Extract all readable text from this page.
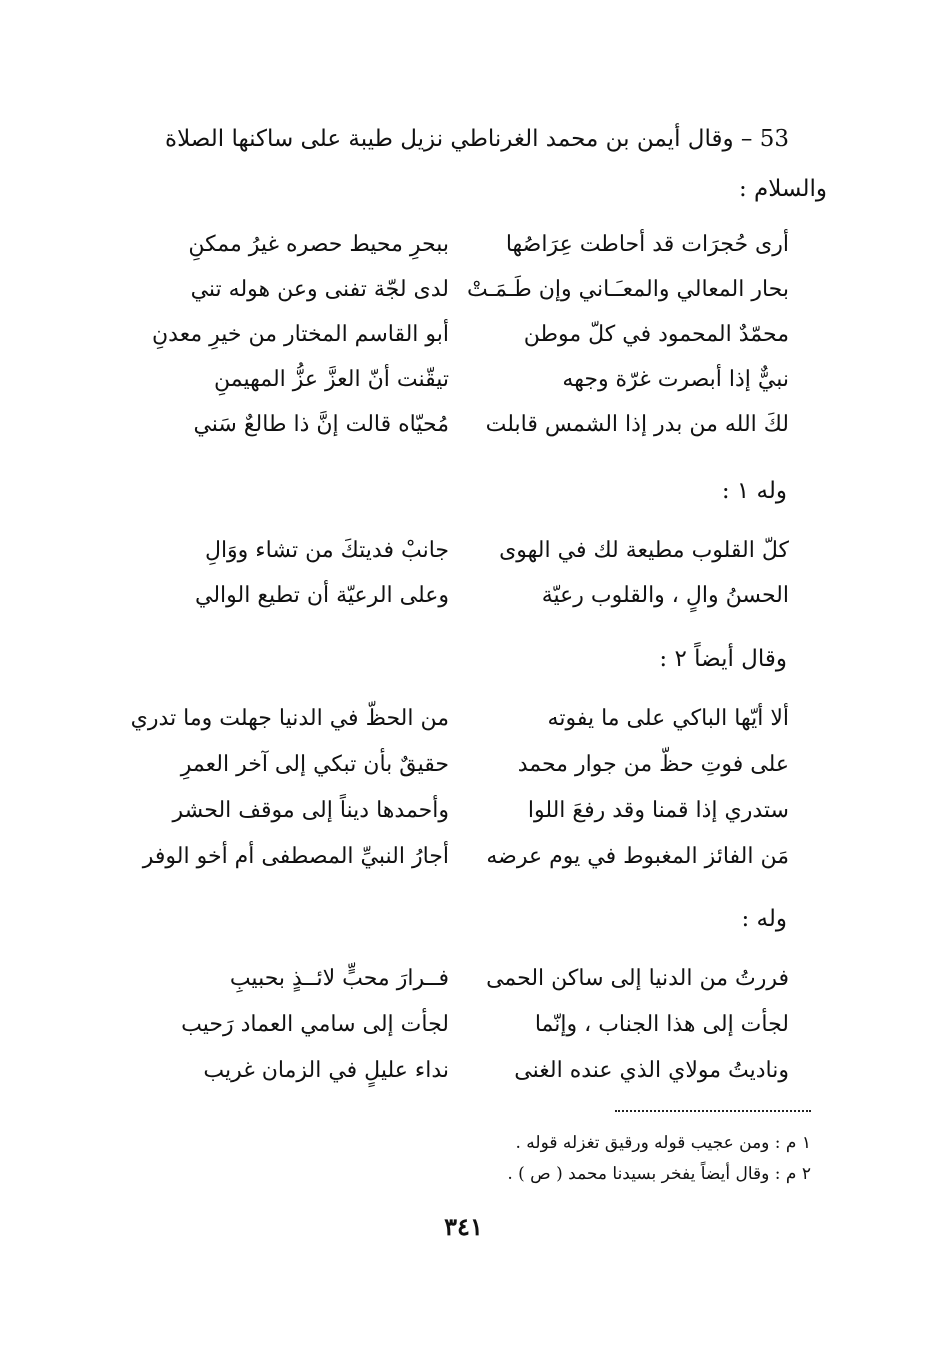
53 – وقال أيمن بن محمد الغرناطي نزيل طيبة على ساكنها الصلاة
والسلام :
أرى حُجرَات قد أحاطت عِرَاصُها
ببحرِ محيط حصره غيرُ ممكنِ
بحار المعالي والمعـَـاني وإن طَـمَـتْ
لدى لجّة تفنى وعن هوله تني
محمّدٌ المحمود في كلّ موطن
أبو القاسم المختار من خيرِ معدنِ
نبيٌّ إذا أبصرت غرّة وجهه
تيقّنت أنّ العزَّ عزُّ المهيمنِ
لكَ الله من بدر إذا الشمس قابلت
مُحيّاه قالت إنَّ ذا طالعٌ سَني
وله ١ :
كلّ القلوب مطيعة لك في الهوى
جانبْ فديتكَ من تشاء ووَالِ
الحسنُ والٍ ، والقلوب رعيّة
وعلى الرعيّة أن تطيع الوالي
وقال أيضاً ٢ :
ألا أيّها الباكي على ما يفوته
من الحظّ في الدنيا جهلت وما تدري
على فوتِ حظّ من جوار محمد
حقيقٌ بأن تبكي إلى آخر العمرِ
ستدري إذا قمنا وقد رفعَ اللوا
وأحمدها ديناً إلى موقف الحشر
مَن الفائز المغبوط في يوم عرضه
أجارُ النبيِّ المصطفى أم أخو الوفر
وله :
فررتُ من الدنيا إلى ساكن الحمى
فــرارَ محبٍّ لائــذٍ بحبيبِ
لجأت إلى هذا الجناب ، وإنّما
لجأت إلى سامي العماد رَحيب
وناديتُ مولاي الذي عنده الغنى
نداء عليلٍ في الزمان غريب
١ م : ومن عجيب قوله ورقيق تغزله قوله .
٢ م : وقال أيضاً يفخر بسيدنا محمد ( ص ) .
٣٤١
